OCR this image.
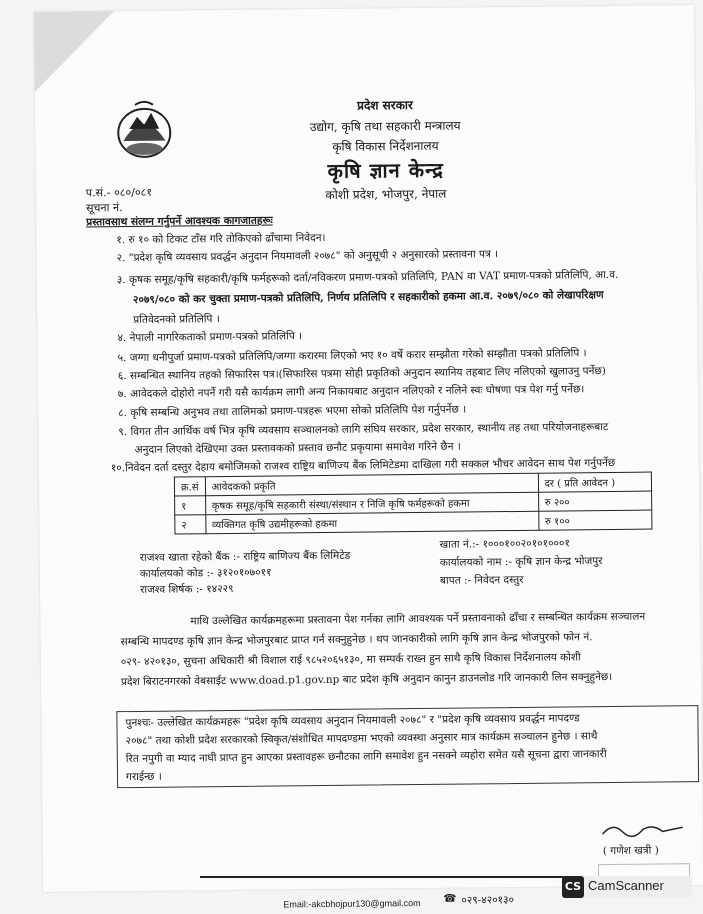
प्रदेश सरकार
उद्योग, कृषि तथा सहकारी मन्त्रालय
कृषि विकास निर्देशनालय
कृषि ज्ञान केन्द्र
कोशी प्रदेश, भोजपुर, नेपाल
प.सं.- ०८०/०८१
सूचना नं.
प्रस्तावसाथ संलग्न गर्नुपर्ने आवश्यक कागजातहरूः
१. रु १० को टिकट टाँस गरि तोकिएको ढाँचामा निवेदन।
२. "प्रदेश कृषि व्यवसाय प्रवर्द्धन अनुदान नियमावली २०७८" को अनुसूची २ अनुसारको प्रस्तावना पत्र ।
३. कृषक समूह/कृषि सहकारी/कृषि फर्महरूको दर्ता/नविकरण प्रमाण-पत्रको प्रतिलिपि, PAN वा VAT प्रमाण-पत्रको प्रतिलिपि, आ.व.
२०७९/०८० को कर चुक्ता प्रमाण-पत्रको प्रतिलिपि, निर्णय प्रतिलिपि र सहकारीको हकमा आ.व. २०७९/०८० को लेखापरिक्षण
प्रतिवेदनको प्रतिलिपि ।
४. नेपाली नागरिकताको प्रमाण-पत्रको प्रतिलिपि ।
५. जग्गा धनीपुर्जा प्रमाण-पत्रको प्रतिलिपि/जग्गा करारमा लिएको भए १० वर्षे करार सम्झौता गरेको सम्झौता पत्रको प्रतिलिपि ।
६. सम्बन्धित स्थानिय तहको सिफारिस पत्र।(सिफारिस पत्रमा सोही प्रकृतिको अनुदान स्थानिय तहबाट लिए नलिएको खुलाउनु पर्नेछ)
७. आवेदकले दोहोरो नपर्ने गरी यसै कार्यक्रम लागी अन्य निकायबाट अनुदान नलिएको र नलिने स्वः घोषणा पत्र पेश गर्नु पर्नेछ।
८. कृषि सम्बन्धि अनुभव तथा तालिमको प्रमाण-पत्रहरू भएमा सोको प्रतिलिपि पेश गर्नुपर्नेछ ।
९. विगत तीन आर्थिक वर्ष भित्र कृषि व्यवसाय सञ्चालनको लागि संघिय सरकार, प्रदेश सरकार, स्थानीय तह तथा परियोजनाहरूबाट
अनुदान लिएको देखिएमा उक्त प्रस्तावकको प्रस्ताव छनौट प्रकृयामा समावेश गरिने छैन ।
१०.निवेदन दर्ता दस्तुर देहाय बमोजिमको राजश्व राष्ट्रिय बाणिज्य बैंक लिमिटेडमा दाखिला गरी सक्कल भौचर आवेदन साथ पेश गर्नुपर्नेछ
क्र.सं	आवेदकको प्रकृति	दर ( प्रति आवेदन )
१	कृषक समूह/कृषि सहकारी संस्था/संस्थान र निजि कृषि फर्महरूको हकमा	रु २००
२	व्यक्तिगत कृषि उद्यमीहरूको हकमा	रु १००
राजश्व खाता रहेको बैंक :- राष्ट्रिय बाणिज्य बैंक लिमिटेड
कार्यालयको कोड :- ३१२०१०७०११
राजश्व शिर्षक :- १४२२९
खाता नं.:- १०००१००२०१०१०००१
कार्यालयको नाम :- कृषि ज्ञान केन्द्र भोजपुर
बापत :- निवेदन दस्तुर
माथि उल्लेखित कार्यक्रमहरूमा प्रस्तावना पेश गर्नका लागि आवश्यक पर्ने प्रस्तावनाको ढाँचा र सम्बन्धित कार्यक्रम सञ्चालन
सम्बन्धि मापदण्ड कृषि ज्ञान केन्द्र भोजपुरबाट प्राप्त गर्न सक्नुहुनेछ । थप जानकारीको लागि कृषि ज्ञान केन्द्र भोजपुरको फोन नं.
०२९- ४२०१३०, सुचना अधिकारी श्री विशाल राई ९८५२०६५१३०, मा सम्पर्क राख्न हुन साथै कृषि विकास निर्देशनालय कोशी
प्रदेश बिराटनगरको वेबसाईट www.doad.p1.gov.np बाट प्रदेश कृषि अनुदान कानुन डाउनलोड गरि जानकारी लिन सक्नुहुनेछ।
पुनश्चः- उल्लेखित कार्यक्रमहरू "प्रदेश कृषि व्यवसाय अनुदान नियमावली २०७८" र "प्रदेश कृषि व्यवसाय प्रवर्द्धन मापदण्ड
२०७८" तथा कोशी प्रदेश सरकारको स्विकृत/संशोधित मापदण्डमा भएको व्यवस्था अनुसार मात्र कार्यक्रम सञ्चालन हुनेछ । साथै
रित नपुगी वा म्याद नाघी प्राप्त हुन आएका प्रस्तावहरू छनौटका लागि समावेश हुन नसक्ने व्यहोरा समेत यसै सूचना द्वारा जानकारी
गराईन्छ ।
( गणेश खत्री )
Email:-akcbhojpur130@gmail.com ☎ ०२९-४२०१३०
CS CamScanner
